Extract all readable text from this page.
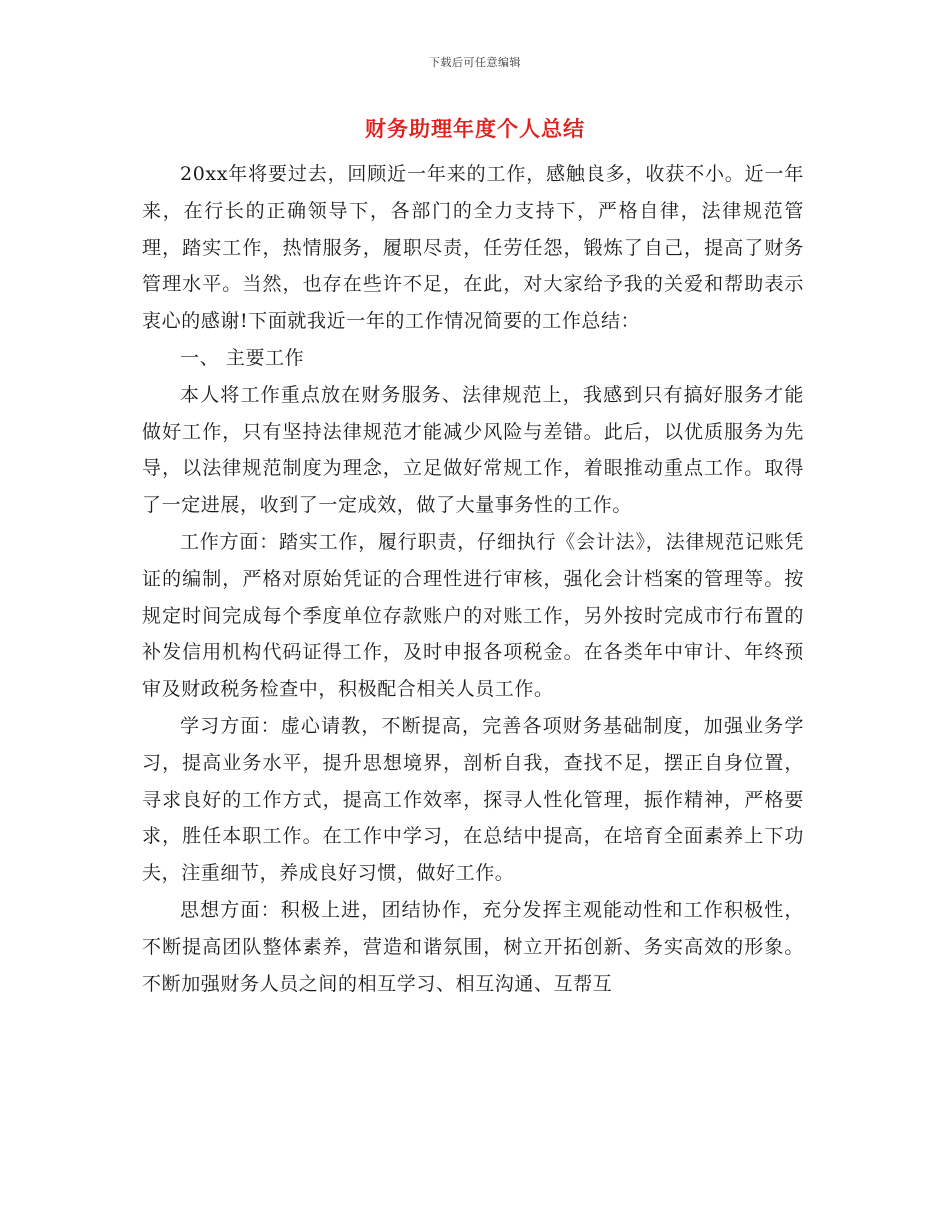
下载后可任意编辑
财务助理年度个人总结

20xx年将要过去，回顾近一年来的工作，感触良多，收获不小。近一年来，在行长的正确领导下，各部门的全力支持下，严格自律，法律规范管理，踏实工作，热情服务，履职尽责，任劳任怨，锻炼了自己，提高了财务管理水平。当然，也存在些许不足，在此，对大家给予我的关爱和帮助表示衷心的感谢!下面就我近一年的工作情况简要的工作总结：

一、 主要工作

本人将工作重点放在财务服务、法律规范上，我感到只有搞好服务才能做好工作，只有坚持法律规范才能减少风险与差错。此后，以优质服务为先导，以法律规范制度为理念，立足做好常规工作，着眼推动重点工作。取得了一定进展，收到了一定成效，做了大量事务性的工作。

工作方面：踏实工作，履行职责，仔细执行《会计法》，法律规范记账凭证的编制，严格对原始凭证的合理性进行审核，强化会计档案的管理等。按规定时间完成每个季度单位存款账户的对账工作，另外按时完成市行布置的补发信用机构代码证得工作，及时申报各项税金。在各类年中审计、年终预审及财政税务检查中，积极配合相关人员工作。

学习方面：虚心请教，不断提高，完善各项财务基础制度，加强业务学习，提高业务水平，提升思想境界，剖析自我，查找不足，摆正自身位置，寻求良好的工作方式，提高工作效率，探寻人性化管理，振作精神，严格要求，胜任本职工作。在工作中学习，在总结中提高，在培育全面素养上下功夫，注重细节，养成良好习惯，做好工作。

思想方面：积极上进，团结协作，充分发挥主观能动性和工作积极性，不断提高团队整体素养，营造和谐氛围，树立开拓创新、务实高效的形象。不断加强财务人员之间的相互学习、相互沟通、互帮互
